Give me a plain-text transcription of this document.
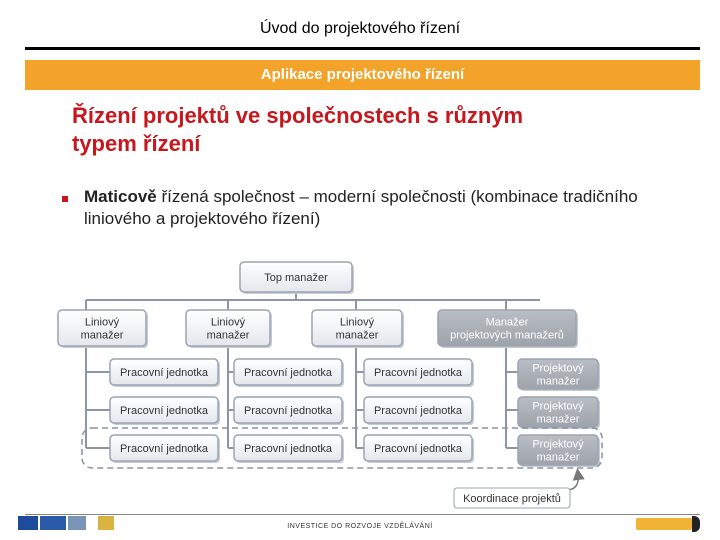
Úvod do projektového řízení
Aplikace projektového řízení
Řízení projektů ve společnostech s různým typem řízení
Maticově řízená společnost – moderní společnosti (kombinace tradičního liniového a projektového řízení)
Top manažer
Liniový
manažer
Liniový
manažer
Liniový
manažer
Manažer
projektových manažerů
Pracovní jednotka	Pracovní jednotka	Pracovní jednotka	Projektový
manažer
Pracovní jednotka	Pracovní jednotka	Pracovní jednotka	Projektový
manažer
Pracovní jednotka	Pracovní jednotka	Pracovní jednotka	Projektový
manažer
Koordinace projektů
INVESTICE DO ROZVOJE VZDĚLÁVÁNÍ
